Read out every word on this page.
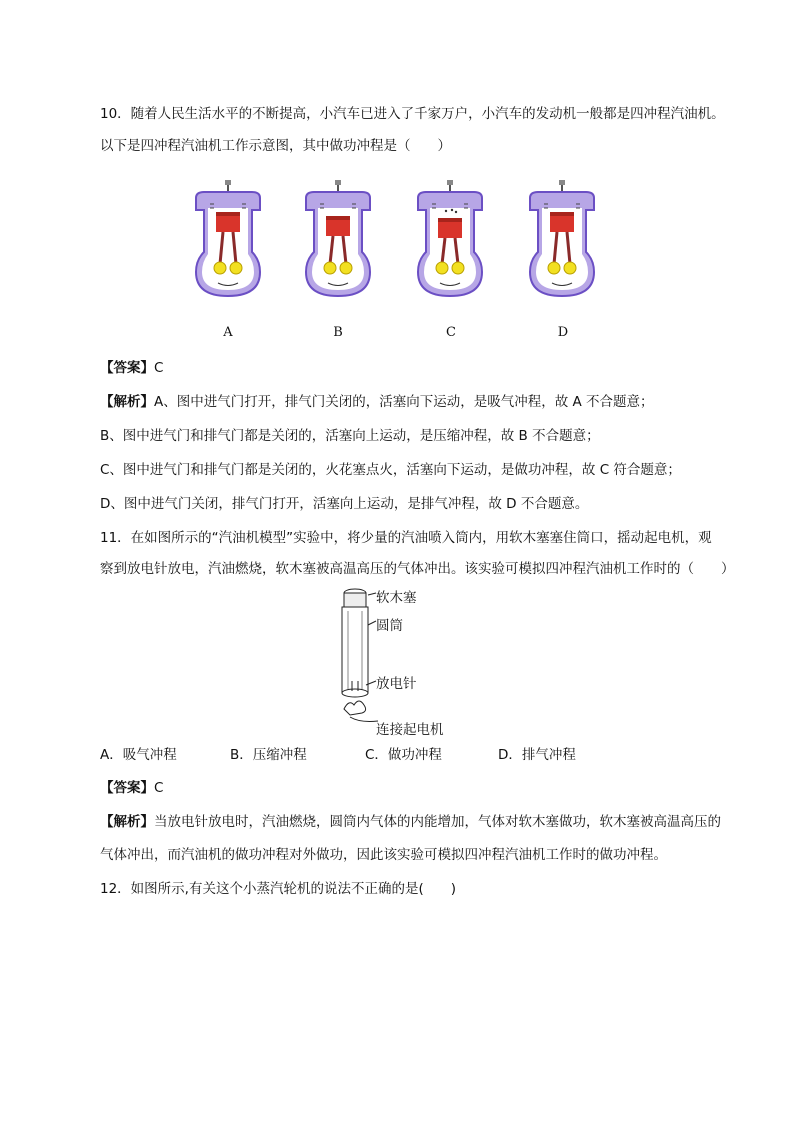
10．随着人民生活水平的不断提高，小汽车已进入了千家万户，小汽车的发动机一般都是四冲程汽油机。
以下是四冲程汽油机工作示意图，其中做功冲程是（　　）
A	B	C	D
【答案】C
【解析】A、图中进气门打开，排气门关闭的，活塞向下运动，是吸气冲程，故 A 不合题意；
B、图中进气门和排气门都是关闭的，活塞向上运动，是压缩冲程，故 B 不合题意；
C、图中进气门和排气门都是关闭的，火花塞点火，活塞向下运动，是做功冲程，故 C 符合题意；
D、图中进气门关闭，排气门打开，活塞向上运动，是排气冲程，故 D 不合题意。
11．在如图所示的“汽油机模型”实验中，将少量的汽油喷入筒内，用软木塞塞住筒口，摇动起电机，观
察到放电针放电，汽油燃烧，软木塞被高温高压的气体冲出。该实验可模拟四冲程汽油机工作时的（　　）
软木塞
圆筒
放电针
连接起电机
A．吸气冲程	B．压缩冲程	C．做功冲程	D．排气冲程
【答案】C
【解析】当放电针放电时，汽油燃烧，圆筒内气体的内能增加，气体对软木塞做功，软木塞被高温高压的
气体冲出，而汽油机的做功冲程对外做功，因此该实验可模拟四冲程汽油机工作时的做功冲程。
12．如图所示,有关这个小蒸汽轮机的说法不正确的是(　　)
